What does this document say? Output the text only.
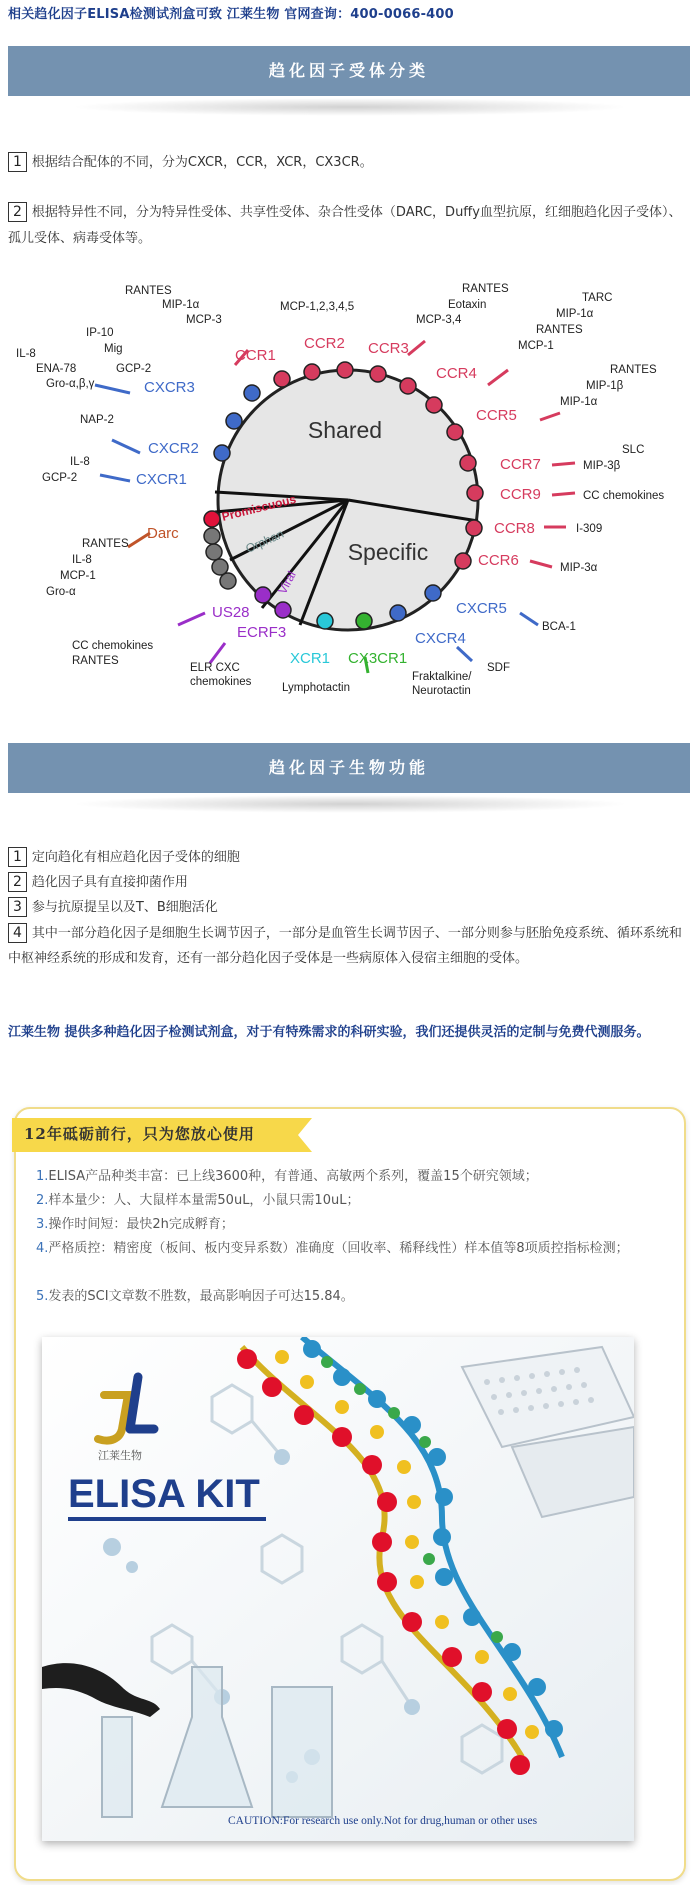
相关趋化因子ELISA检测试剂盒可致 江莱生物 官网查询：400-0066-400
趋化因子受体分类
1 根据结合配体的不同，分为CXCR，CCR，XCR，CX3CR。
2 根据特异性不同，分为特异性受体、共享性受体、杂合性受体（DARC，Duffy血型抗原，红细胞趋化因子受体）、孤儿受体、病毒受体等。
Shared
Specific
Promiscuous
Orphan
Viral
CXCR3
CXCR2
CXCR1
Darc
US28
ECRF3
CCR1
CCR2 CCR3
CCR4
CCR5
CCR7
CCR9
CCR8
CCR6
CXCR5
CXCR4
XCR1 CX3CR1
RANTES
MIP-1α
MCP-3
MCP-1,2,3,4,5
RANTES
Eotaxin
MCP-3,4
TARC
MIP-1α
RANTES
MCP-1
RANTES
MIP-1β
MIP-1α
SLC
MIP-3β
CC chemokines
I-309
MIP-3α
BCA-1
SDF
Fraktalkine/
Neurotactin
Lymphotactin
ELR CXC
chemokines
CC chemokines
RANTES
RANTES
IL-8
MCP-1
Gro-α
IL-8
GCP-2
NAP-2
IL-8
IP-10
Mig
ENA-78	GCP-2
Gro-α,β,γ
趋化因子生物功能
1 定向趋化有相应趋化因子受体的细胞
2 趋化因子具有直接抑菌作用
3 参与抗原提呈以及T、B细胞活化
4 其中一部分趋化因子是细胞生长调节因子，一部分是血管生长调节因子、一部分则参与胚胎免疫系统、循环系统和中枢神经系统的形成和发育，还有一部分趋化因子受体是一些病原体入侵宿主细胞的受体。
江莱生物 提供多种趋化因子检测试剂盒，对于有特殊需求的科研实验，我们还提供灵活的定制与免费代测服务。
12年砥砺前行，只为您放心使用
1.ELISA产品种类丰富：已上线3600种，有普通、高敏两个系列，覆盖15个研究领域；
2.样本量少：人、大鼠样本量需50uL，小鼠只需10uL；
3.操作时间短：最快2h完成孵育；
4.严格质控：精密度（板间、板内变异系数）准确度（回收率、稀释线性）样本值等8项质控指标检测；
5.发表的SCI文章数不胜数，最高影响因子可达15.84。
江莱生物
ELISA KIT
CAUTION:For research use only.Not for drug,human or other uses
